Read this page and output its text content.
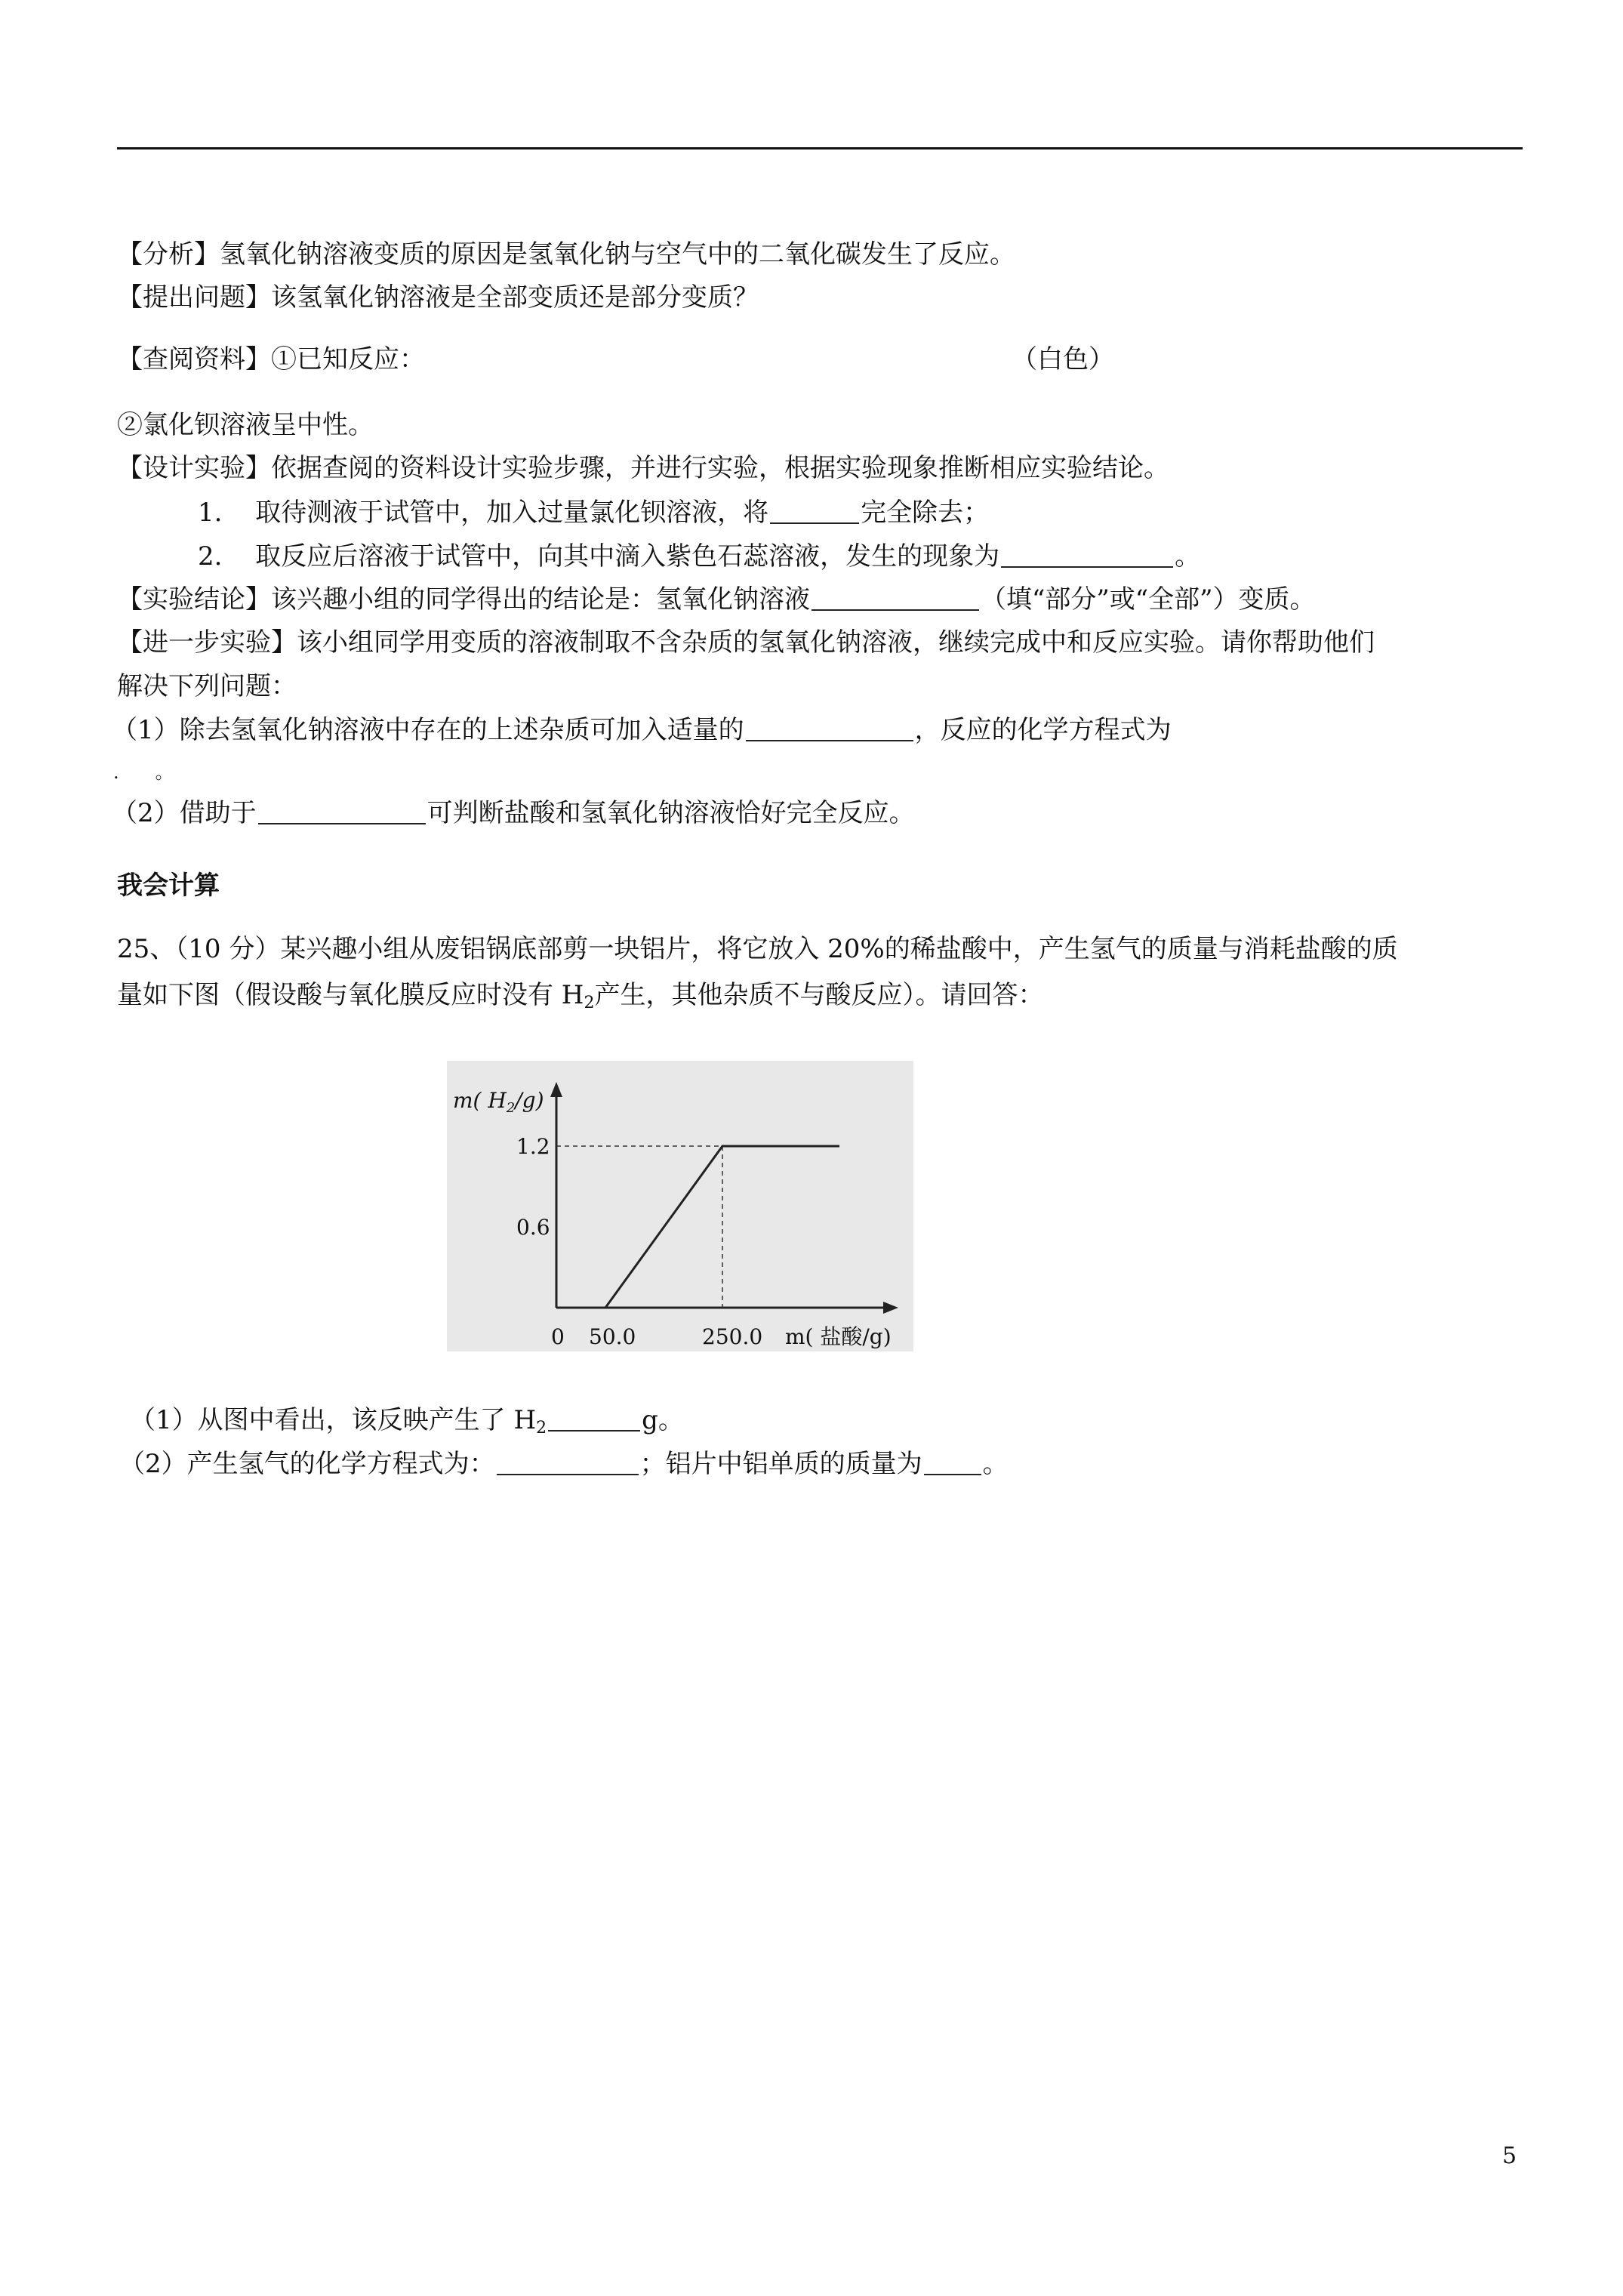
【分析】氢氧化钠溶液变质的原因是氢氧化钠与空气中的二氧化碳发生了反应。
【提出问题】该氢氧化钠溶液是全部变质还是部分变质？
【查阅资料】①已知反应：	（白色）
②氯化钡溶液呈中性。
【设计实验】依据查阅的资料设计实验步骤，并进行实验，根据实验现象推断相应实验结论。
1. 取待测液于试管中，加入过量氯化钡溶液，将	完全除去；
2. 取反应后溶液于试管中，向其中滴入紫色石蕊溶液，发生的现象为	。
【实验结论】该兴趣小组的同学得出的结论是：氢氧化钠溶液	（填“部分”或“全部”）变质。
【进一步实验】该小组同学用变质的溶液制取不含杂质的氢氧化钠溶液，继续完成中和反应实验。请你帮助他们
解决下列问题：
（1）除去氢氧化钠溶液中存在的上述杂质可加入适量的	，反应的化学方程式为
.　　。
（2）借助于	可判断盐酸和氢氧化钠溶液恰好完全反应。
我会计算
25、（10 分）某兴趣小组从废铝锅底部剪一块铝片，将它放入 20%的稀盐酸中，产生氢气的质量与消耗盐酸的质
量如下图（假设酸与氧化膜反应时没有 $H_2$产生，其他杂质不与酸反应）。请回答：
1.2
0.6
0 50.0	250.0
m( $H_2/g$)
m( 盐酸/g)
（1）从图中看出，该反映产生了 $H_2$	g。
（2）产生氢气的化学方程式为：	；铝片中铝单质的质量为 。
5
